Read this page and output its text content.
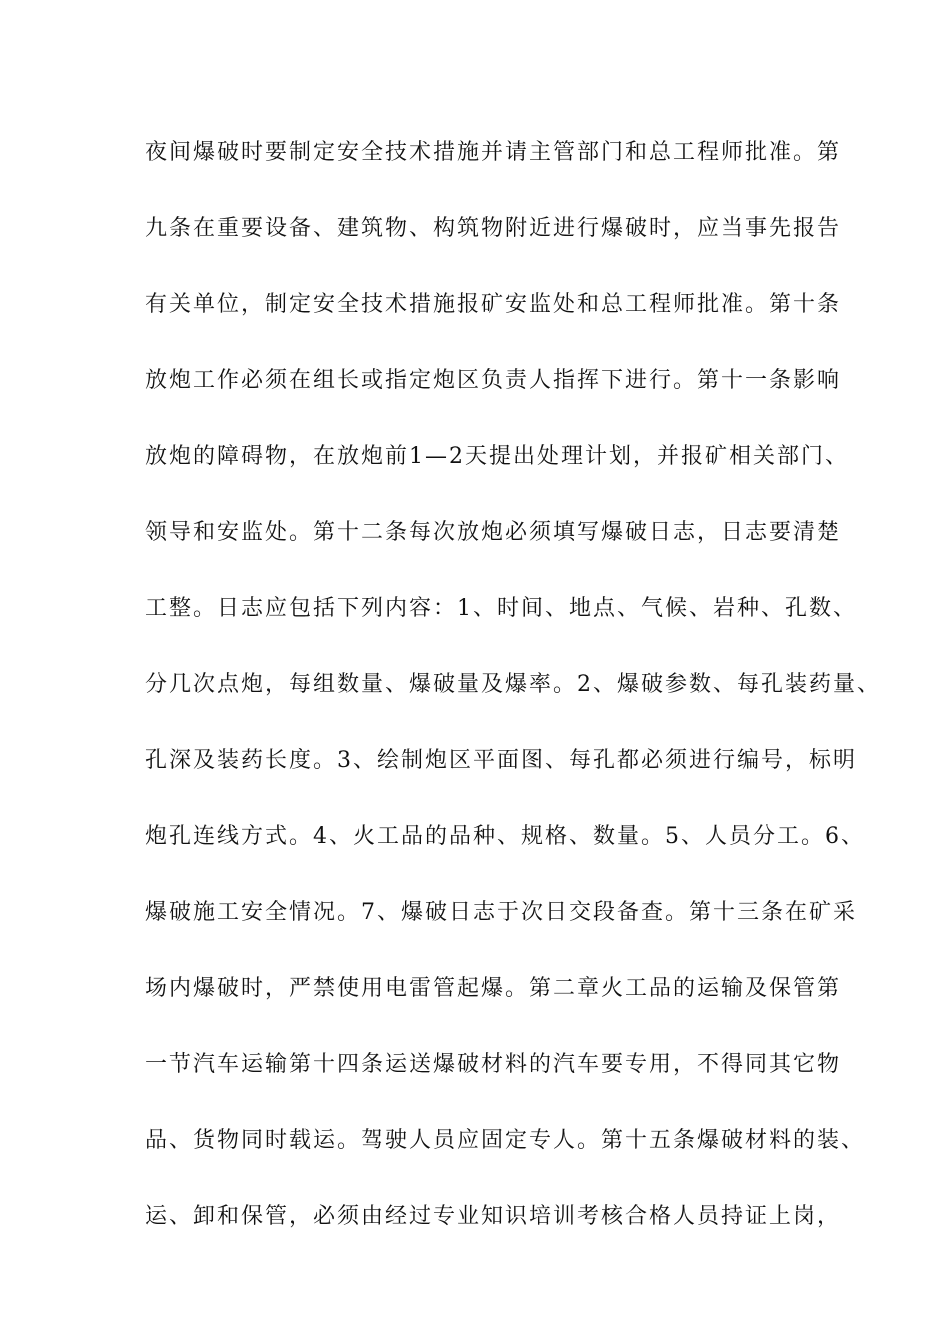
夜间爆破时要制定安全技术措施并请主管部门和总工程师批准。第
九条在重要设备、建筑物、构筑物附近进行爆破时，应当事先报告
有关单位，制定安全技术措施报矿安监处和总工程师批准。第十条
放炮工作必须在组长或指定炮区负责人指挥下进行。第十一条影响
放炮的障碍物，在放炮前1—2天提出处理计划，并报矿相关部门、
领导和安监处。第十二条每次放炮必须填写爆破日志，日志要清楚
工整。日志应包括下列内容：1、时间、地点、气候、岩种、孔数、
分几次点炮，每组数量、爆破量及爆率。2、爆破参数、每孔装药量、
孔深及装药长度。3、绘制炮区平面图、每孔都必须进行编号，标明
炮孔连线方式。4、火工品的品种、规格、数量。5、人员分工。6、
爆破施工安全情况。7、爆破日志于次日交段备查。第十三条在矿采
场内爆破时，严禁使用电雷管起爆。第二章火工品的运输及保管第
一节汽车运输第十四条运送爆破材料的汽车要专用，不得同其它物
品、货物同时载运。驾驶人员应固定专人。第十五条爆破材料的装、
运、卸和保管，必须由经过专业知识培训考核合格人员持证上岗，
